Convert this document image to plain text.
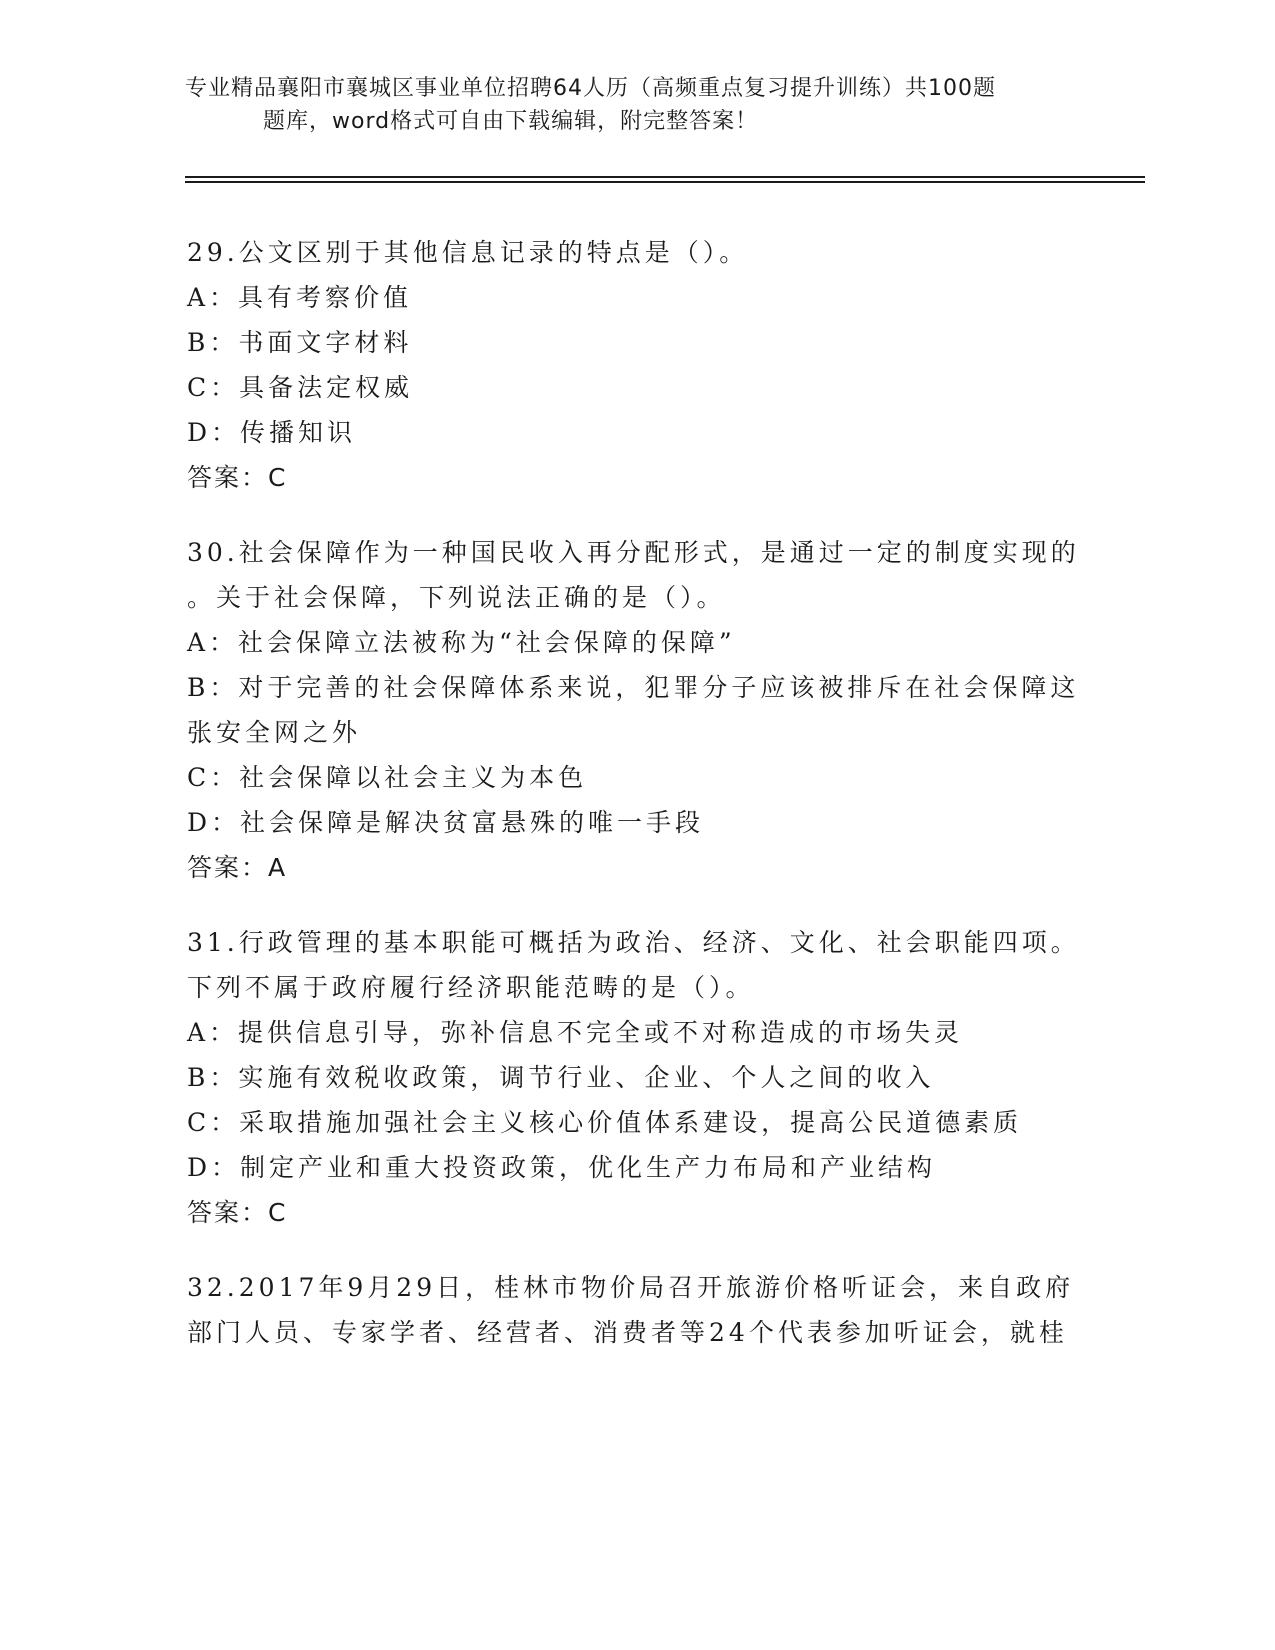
专业精品襄阳市襄城区事业单位招聘64人历（高频重点复习提升训练）共100题

题库，word格式可自由下载编辑，附完整答案！
29.公文区别于其他信息记录的特点是（）。
A：具有考察价值
B：书面文字材料
C：具备法定权威
D：传播知识
答案：C
30.社会保障作为一种国民收入再分配形式，是通过一定的制度实现的
。关于社会保障，下列说法正确的是（）。
A：社会保障立法被称为“社会保障的保障”
B：对于完善的社会保障体系来说，犯罪分子应该被排斥在社会保障这
张安全网之外
C：社会保障以社会主义为本色
D：社会保障是解决贫富悬殊的唯一手段
答案：A
31.行政管理的基本职能可概括为政治、经济、文化、社会职能四项。
下列不属于政府履行经济职能范畴的是（）。
A：提供信息引导，弥补信息不完全或不对称造成的市场失灵
B：实施有效税收政策，调节行业、企业、个人之间的收入
C：采取措施加强社会主义核心价值体系建设，提高公民道德素质
D：制定产业和重大投资政策，优化生产力布局和产业结构
答案：C
32.2017年9月29日，桂林市物价局召开旅游价格听证会，来自政府
部门人员、专家学者、经营者、消费者等24个代表参加听证会，就桂
